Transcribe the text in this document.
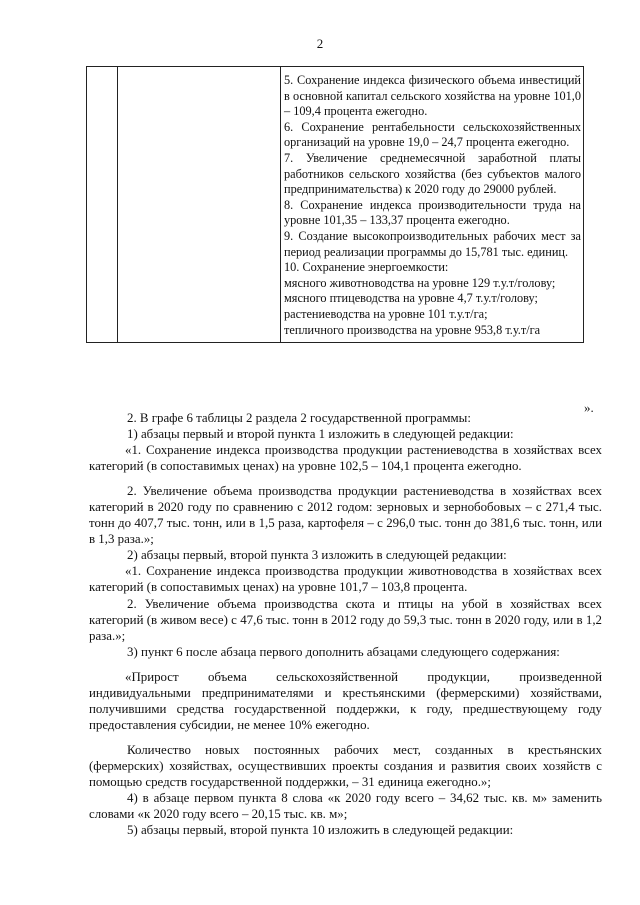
2

5. Сохранение индекса физического объема инвестиций в основной капитал сельского хозяйства на уровне 101,0 – 109,4 процента ежегодно.

6. Сохранение рентабельности сельскохозяйственных организаций на уровне 19,0 – 24,7 процента ежегодно.

7. Увеличение среднемесячной заработной платы работников сельского хозяйства (без субъектов малого предпринимательства) к 2020 году до 29000 рублей.

8. Сохранение индекса производительности труда на уровне 101,35 – 133,37 процента ежегодно.

9. Создание высокопроизводительных рабочих мест за период реализации программы до 15,781 тыс. единиц.

10. Сохранение энергоемкости:

мясного животноводства на уровне 129 т.у.т/голову;

мясного птицеводства на уровне 4,7 т.у.т/голову;

растениеводства на уровне 101 т.у.т/га;

тепличного производства на уровне 953,8 т.у.т/га

».

2. В графе 6 таблицы 2 раздела 2 государственной программы:

1) абзацы первый и второй пункта 1 изложить в следующей редакции:

«1. Сохранение индекса производства продукции растениеводства в хозяйствах всех категорий (в сопоставимых ценах) на уровне 102,5 – 104,1 процента ежегодно.

2. Увеличение объема производства продукции растениеводства в хозяйствах всех категорий в 2020 году по сравнению с 2012 годом: зерновых и зернобобовых – с 271,4 тыс. тонн до 407,7 тыс. тонн, или в 1,5 раза, картофеля – с 296,0 тыс. тонн до 381,6 тыс. тонн, или в 1,3 раза.»;

2) абзацы первый, второй пункта 3 изложить в следующей редакции:

«1. Сохранение индекса производства продукции животноводства в хозяйствах всех категорий (в сопоставимых ценах) на уровне 101,7 – 103,8 процента.

2. Увеличение объема производства скота и птицы на убой в хозяйствах всех категорий (в живом весе) с 47,6 тыс. тонн в 2012 году до 59,3 тыс. тонн в 2020 году, или в 1,2 раза.»;

3) пункт 6 после абзаца первого дополнить абзацами следующего содержания:

«Прирост объема сельскохозяйственной продукции, произведенной индивидуальными предпринимателями и крестьянскими (фермерскими) хозяйствами, получившими средства государственной поддержки, к году, предшествующему году предоставления субсидии, не менее 10% ежегодно.

Количество новых постоянных рабочих мест, созданных в крестьянских (фермерских) хозяйствах, осуществивших проекты создания и развития своих хозяйств с помощью средств государственной поддержки, – 31 единица ежегодно.»;

4) в абзаце первом пункта 8 слова «к 2020 году всего – 34,62 тыс. кв. м» заменить словами «к 2020 году всего – 20,15 тыс. кв. м»;

5) абзацы первый, второй пункта 10 изложить в следующей редакции:
